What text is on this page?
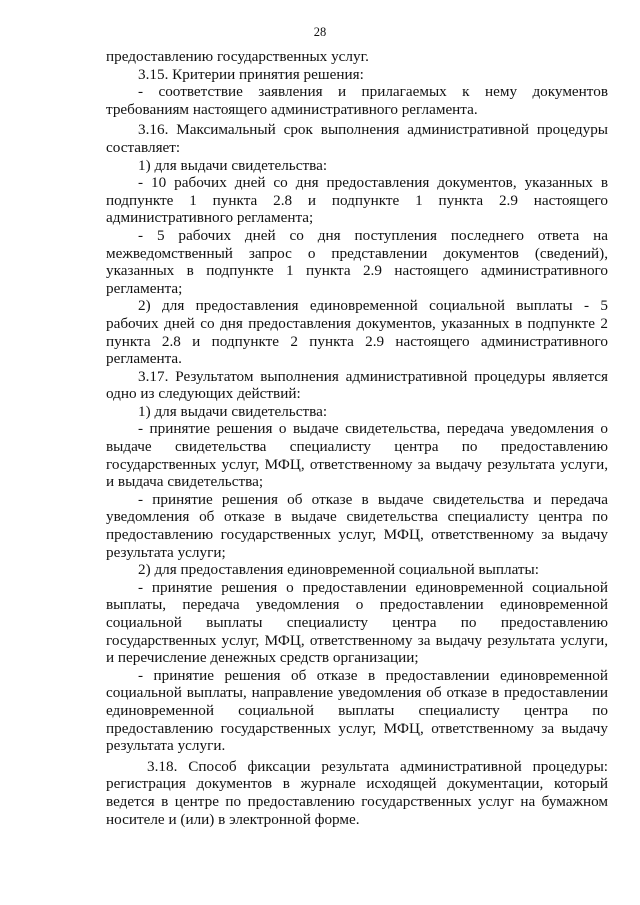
28
предоставлению государственных услуг.
3.15. Критерии принятия решения:
- соответствие заявления и прилагаемых к нему документов
требованиям настоящего административного регламента.
3.16. Максимальный срок выполнения административной процедуры
составляет:
1) для выдачи свидетельства:
- 10 рабочих дней со дня предоставления документов, указанных в
подпункте 1 пункта 2.8 и подпункте 1 пункта 2.9 настоящего
административного регламента;
- 5 рабочих дней со дня поступления последнего ответа на
межведомственный запрос о представлении документов (сведений),
указанных в подпункте 1 пункта 2.9 настоящего административного
регламента;
2) для предоставления единовременной социальной выплаты - 5
рабочих дней со дня предоставления документов, указанных в подпункте 2
пункта 2.8 и подпункте 2 пункта 2.9 настоящего административного
регламента.
3.17. Результатом выполнения административной процедуры является
одно из следующих действий:
1) для выдачи свидетельства:
- принятие решения о выдаче свидетельства, передача уведомления о
выдаче свидетельства специалисту центра по предоставлению
государственных услуг, МФЦ, ответственному за выдачу результата услуги,
и выдача свидетельства;
- принятие решения об отказе в выдаче свидетельства и передача
уведомления об отказе в выдаче свидетельства специалисту центра по
предоставлению государственных услуг, МФЦ, ответственному за выдачу
результата услуги;
2) для предоставления единовременной социальной выплаты:
- принятие решения о предоставлении единовременной социальной
выплаты, передача уведомления о предоставлении единовременной
социальной выплаты специалисту центра по предоставлению
государственных услуг, МФЦ, ответственному за выдачу результата услуги,
и перечисление денежных средств организации;
- принятие решения об отказе в предоставлении единовременной
социальной выплаты, направление уведомления об отказе в предоставлении
единовременной социальной выплаты специалисту центра по
предоставлению государственных услуг, МФЦ, ответственному за выдачу
результата услуги.
3.18. Способ фиксации результата административной процедуры:
регистрация документов в журнале исходящей документации, который
ведется в центре по предоставлению государственных услуг на бумажном
носителе и (или) в электронной форме.
